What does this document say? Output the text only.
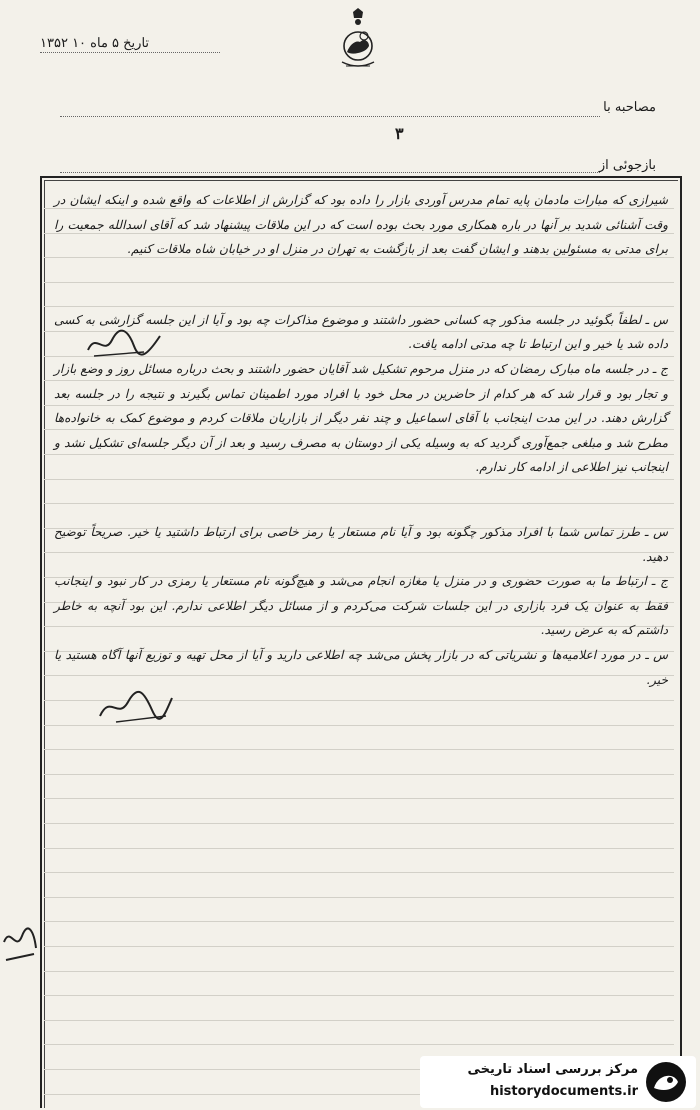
تاریخ ۵ ماه ۱۰ ۱۳۵۲
مصاحبه با
۳
بازجوئی از

شیرازی که مبارات مادمان پایه تمام مدرس آوردی بازار را داده بود که گزارش از اطلاعات که واقع شده و اینکه ایشان در وقت آشنائی شدید بر آنها در باره همکاری مورد بحث بوده است که در این ملاقات پیشنهاد شد که آقای اسدالله جمعیت را برای مدتی به مسئولین بدهند و ایشان گفت بعد از بازگشت به تهران در منزل او در خیابان شاه ملاقات کنیم.

س ـ لطفاً بگوئید در جلسه مذکور چه کسانی حضور داشتند و موضوع مذاکرات چه بود و آیا از این جلسه گزارشی به کسی داده شد یا خیر و این ارتباط تا چه مدتی ادامه یافت.

ج ـ در جلسه ماه مبارک رمضان که در منزل مرحوم تشکیل شد آقایان حضور داشتند و بحث درباره مسائل روز و وضع بازار و تجار بود و قرار شد که هر کدام از حاضرین در محل خود با افراد مورد اطمینان تماس بگیرند و نتیجه را در جلسه بعد گزارش دهند. در این مدت اینجانب با آقای اسماعیل و چند نفر دیگر از بازاریان ملاقات کردم و موضوع کمک به خانواده‌ها مطرح شد و مبلغی جمع‌آوری گردید که به وسیله یکی از دوستان به مصرف رسید و بعد از آن دیگر جلسه‌ای تشکیل نشد و اینجانب نیز اطلاعی از ادامه کار ندارم.

س ـ طرز تماس شما با افراد مذکور چگونه بود و آیا نام مستعار یا رمز خاصی برای ارتباط داشتید یا خیر. صریحاً توضیح دهید.

ج ـ ارتباط ما به صورت حضوری و در منزل یا مغازه انجام می‌شد و هیچ‌گونه نام مستعار یا رمزی در کار نبود و اینجانب فقط به عنوان یک فرد بازاری در این جلسات شرکت می‌کردم و از مسائل دیگر اطلاعی ندارم. این بود آنچه به خاطر داشتم که به عرض رسید.

س ـ در مورد اعلامیه‌ها و نشریاتی که در بازار پخش می‌شد چه اطلاعی دارید و آیا از محل تهیه و توزیع آنها آگاه هستید یا خیر.

مرکز بررسی اسناد تاریخی
historydocuments.ir
